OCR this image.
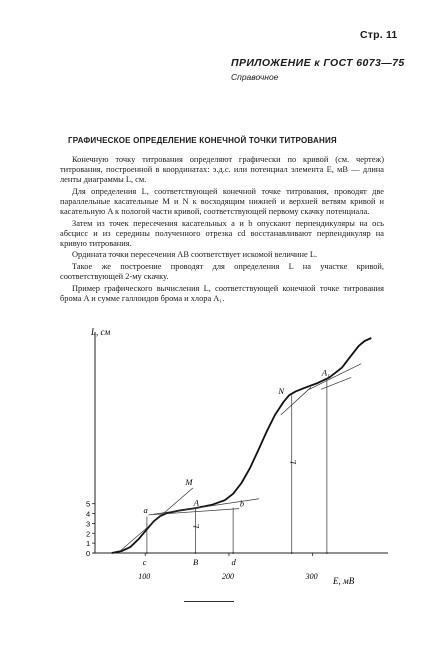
Стр. 11
ПРИЛОЖЕНИЕ к ГОСТ 6073—75
Справочное
ГРАФИЧЕСКОЕ ОПРЕДЕЛЕНИЕ КОНЕЧНОЙ ТОЧКИ ТИТРОВАНИЯ

Конечную точку титрования определяют графически по кривой (см. чертеж) титрования, построенной в координатах: э.д.с. или потенциал элемента E, мВ — длина ленты диаграммы L, см.

Для определения L, соответствующей конечной точке титрования, проводят две параллельные касательные M и N к восходящим нижней и верхней ветвям кривой и касательную A к пологой части кривой, соответствующей первому скачку потенциала.

Затем из точек пересечения касательных a и b опускают перпендикуляры на ось абсцисс и из середины полученного отрезка cd восстанавливают перпендикуляр на кривую титрования.

Ордината точки пересечения AB соответствует искомой величине L.

Такое же построение проводят для определения L на участке кривой, соответствующей 2-му скачку.

Пример графического вычисления L, соответствующей конечной точке титрования брома A и сумме галлоидов брома и хлора A₁.

0
1
2
3
4
5
100	200	300
a
b
c	d
A
B
M
N
A₁
L
L
L, см
E, мВ
